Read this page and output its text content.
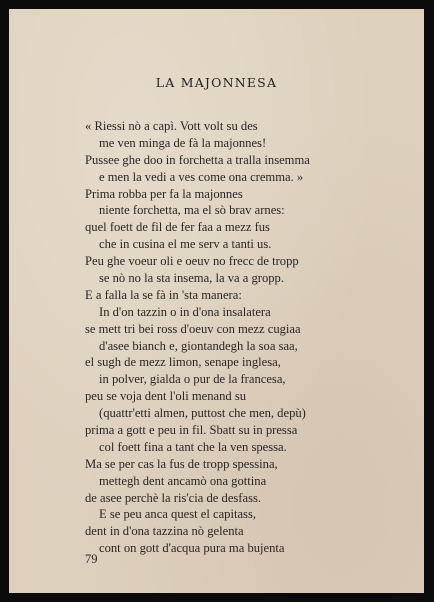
LA MAJONNESA
« Riessi nò a capì. Vott volt su des
me ven minga de fà la majonnes!
Pussee ghe doo in forchetta a tralla insemma
e men la vedi a ves come ona cremma. »
Prima robba per fa la majonnes
niente forchetta, ma el sò brav arnes:
quel foett de fil de fer faa a mezz fus
che in cusina el me serv a tanti us.
Peu ghe voeur oli e oeuv no frecc de tropp
se nò no la sta insema, la va a gropp.
E a falla la se fà in 'sta manera:
In d'on tazzin o in d'ona insalatera
se mett tri bei ross d'oeuv con mezz cugiaa
d'asee bianch e, giontandegh la soa saa,
el sugh de mezz limon, senape inglesa,
in polver, gialda o pur de la francesa,
peu se voja dent l'oli menand su
(quattr'etti almen, puttost che men, depù)
prima a gott e peu in fil. Sbatt su in pressa
col foett fina a tant che la ven spessa.
Ma se per cas la fus de tropp spessina,
mettegh dent ancamò ona gottina
de asee perchè la ris'cia de desfass.
E se peu anca quest el capitass,
dent in d'ona tazzina nò gelenta
cont on gott d'acqua pura ma bujenta
79
